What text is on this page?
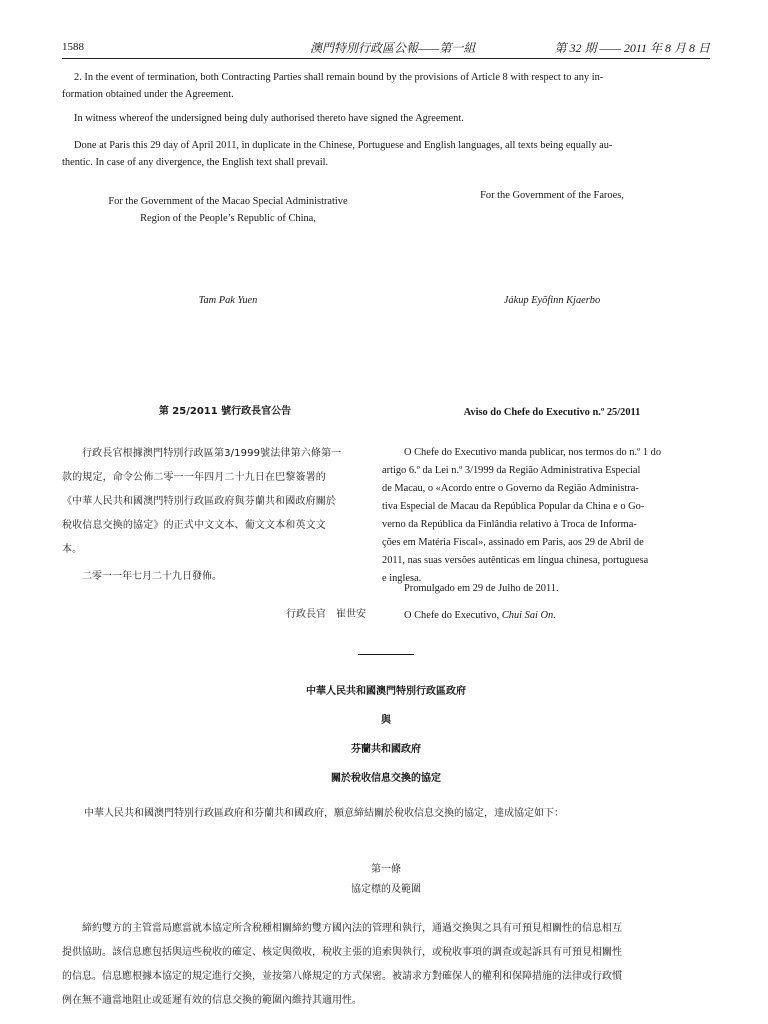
1588	澳門特別行政區公報——第一組	第 32 期 —— 2011 年 8 月 8 日
2. In the event of termination, both Contracting Parties shall remain bound by the provisions of Article 8 with respect to any in-
formation obtained under the Agreement.
In witness whereof the undersigned being duly authorised thereto have signed the Agreement.
Done at Paris this 29 day of April 2011, in duplicate in the Chinese, Portuguese and English languages, all texts being equally au-
thentic. In case of any divergence, the English text shall prevail.
For the Government of the Macao Special Administrative
Region of the People’s Republic of China,
For the Government of the Faroes,
Tam Pak Yuen	Jákup Eyõfinn Kjaerbo
第 25/2011 號行政長官公告
行政長官根據澳門特別行政區第3/1999號法律第六條第一
款的規定，命令公佈二零一一年四月二十九日在巴黎簽署的
《中華人民共和國澳門特別行政區政府與芬蘭共和國政府關於
稅收信息交換的協定》的正式中文文本、葡文文本和英文文
本。
二零一一年七月二十九日發佈。
行政長官　崔世安
Aviso do Chefe do Executivo n.º 25/2011
O Chefe do Executivo manda publicar, nos termos do n.º 1 do
artigo 6.º da Lei n.º 3/1999 da Região Administrativa Especial
de Macau, o «Acordo entre o Governo da Região Administra-
tiva Especial de Macau da República Popular da China e o Go-
verno da República da Finlândia relativo à Troca de Informa-
ções em Matéria Fiscal», assinado em Paris, aos 29 de Abril de
2011, nas suas versões autênticas em língua chinesa, portuguesa
e inglesa.
Promulgado em 29 de Julho de 2011.
O Chefe do Executivo, Chui Sai On.
中華人民共和國澳門特別行政區政府
與
芬蘭共和國政府
關於稅收信息交換的協定
中華人民共和國澳門特別行政區政府和芬蘭共和國政府，願意締結關於稅收信息交換的協定，達成協定如下：
第一條
協定標的及範圍
締約雙方的主管當局應當就本協定所含稅種相關締約雙方國內法的管理和執行，通過交換與之具有可預見相關性的信息相互
提供協助。該信息應包括與這些稅收的確定、核定與徵收，稅收主張的追索與執行，或稅收事項的調查或起訴具有可預見相關性
的信息。信息應根據本協定的規定進行交換，並按第八條規定的方式保密。被請求方對確保人的權利和保障措施的法律或行政慣
例在無不適當地阻止或延遲有效的信息交換的範圍內維持其適用性。
